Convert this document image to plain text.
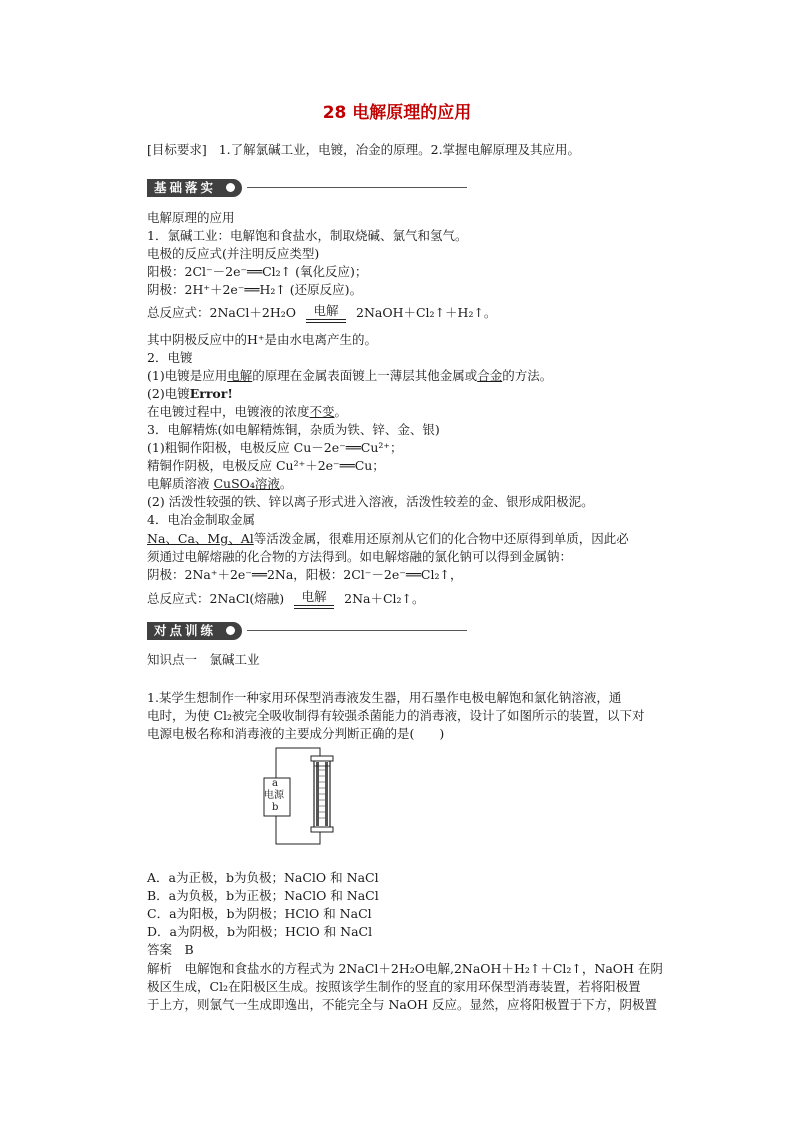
28 电解原理的应用
[目标要求] 1.了解氯碱工业，电镀，冶金的原理。2.掌握电解原理及其应用。
基础落实
电解原理的应用
1．氯碱工业：电解饱和食盐水，制取烧碱、氯气和氢气。
电极的反应式(并注明反应类型)
阳极：2Cl⁻－2e⁻══Cl₂↑ (氧化反应)；
阴极：2H⁺＋2e⁻══H₂↑ (还原反应)。
总反应式：2NaCl＋2H₂O	电解	2NaOH＋Cl₂↑＋H₂↑。
其中阴极反应中的H⁺是由水电离产生的。
2．电镀
(1)电镀是应用电解的原理在金属表面镀上一薄层其他金属或合金的方法。
(2)电镀Error!
在电镀过程中，电镀液的浓度不变。
3．电解精炼(如电解精炼铜，杂质为铁、锌、金、银)
(1)粗铜作阳极，电极反应 Cu－2e⁻══Cu²⁺；
精铜作阴极，电极反应 Cu²⁺＋2e⁻══Cu；
电解质溶液 CuSO₄溶液。
(2) 活泼性较强的铁、锌以离子形式进入溶液，活泼性较差的金、银形成阳极泥。
4．电冶金制取金属
Na、Ca、Mg、Al等活泼金属，很难用还原剂从它们的化合物中还原得到单质，因此必
须通过电解熔融的化合物的方法得到。如电解熔融的氯化钠可以得到金属钠：
阴极：2Na⁺＋2e⁻══2Na，阳极：2Cl⁻－2e⁻══Cl₂↑，
总反应式：2NaCl(熔融)	电解	2Na＋Cl₂↑。
对点训练
知识点一　氯碱工业
1.某学生想制作一种家用环保型消毒液发生器，用石墨作电极电解饱和氯化钠溶液，通
电时，为使 Cl₂被完全吸收制得有较强杀菌能力的消毒液，设计了如图所示的装置，以下对
电源电极名称和消毒液的主要成分判断正确的是(　　)
a
电源
b
A．a为正极，b为负极；NaClO 和 NaCl
B．a为负极，b为正极；NaClO 和 NaCl
C．a为阳极，b为阴极；HClO 和 NaCl
D．a为阴极，b为阳极；HClO 和 NaCl
答案　B
解析　电解饱和食盐水的方程式为 2NaCl＋2H₂O电解,2NaOH＋H₂↑＋Cl₂↑，NaOH 在阴
极区生成，Cl₂在阳极区生成。按照该学生制作的竖直的家用环保型消毒装置，若将阳极置
于上方，则氯气一生成即逸出，不能完全与 NaOH 反应。显然，应将阳极置于下方，阴极置
